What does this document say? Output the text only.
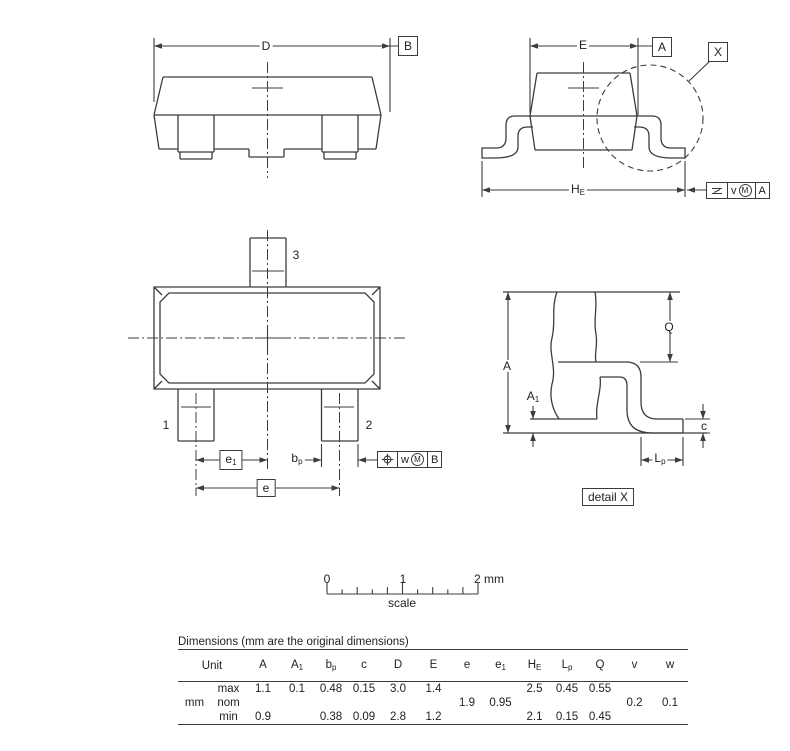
D	B	E	A	X
HE	v M A
3
1	2
e1
e
bp	w M B
A
A1
Q
c
Lp
detail X
0	1	2 mm
scale
Dimensions (mm are the original dimensions)
Unit		A	A1	bp	c	D	E	e	e1	HE	Lp	Q	v	w
	max	1.1	0.1	0.48	0.15	3.0	1.4			2.5	0.45	0.55		
mm	nom							1.9	0.95				0.2	0.1
	min	0.9		0.38	0.09	2.8	1.2			2.1	0.15	0.45		
